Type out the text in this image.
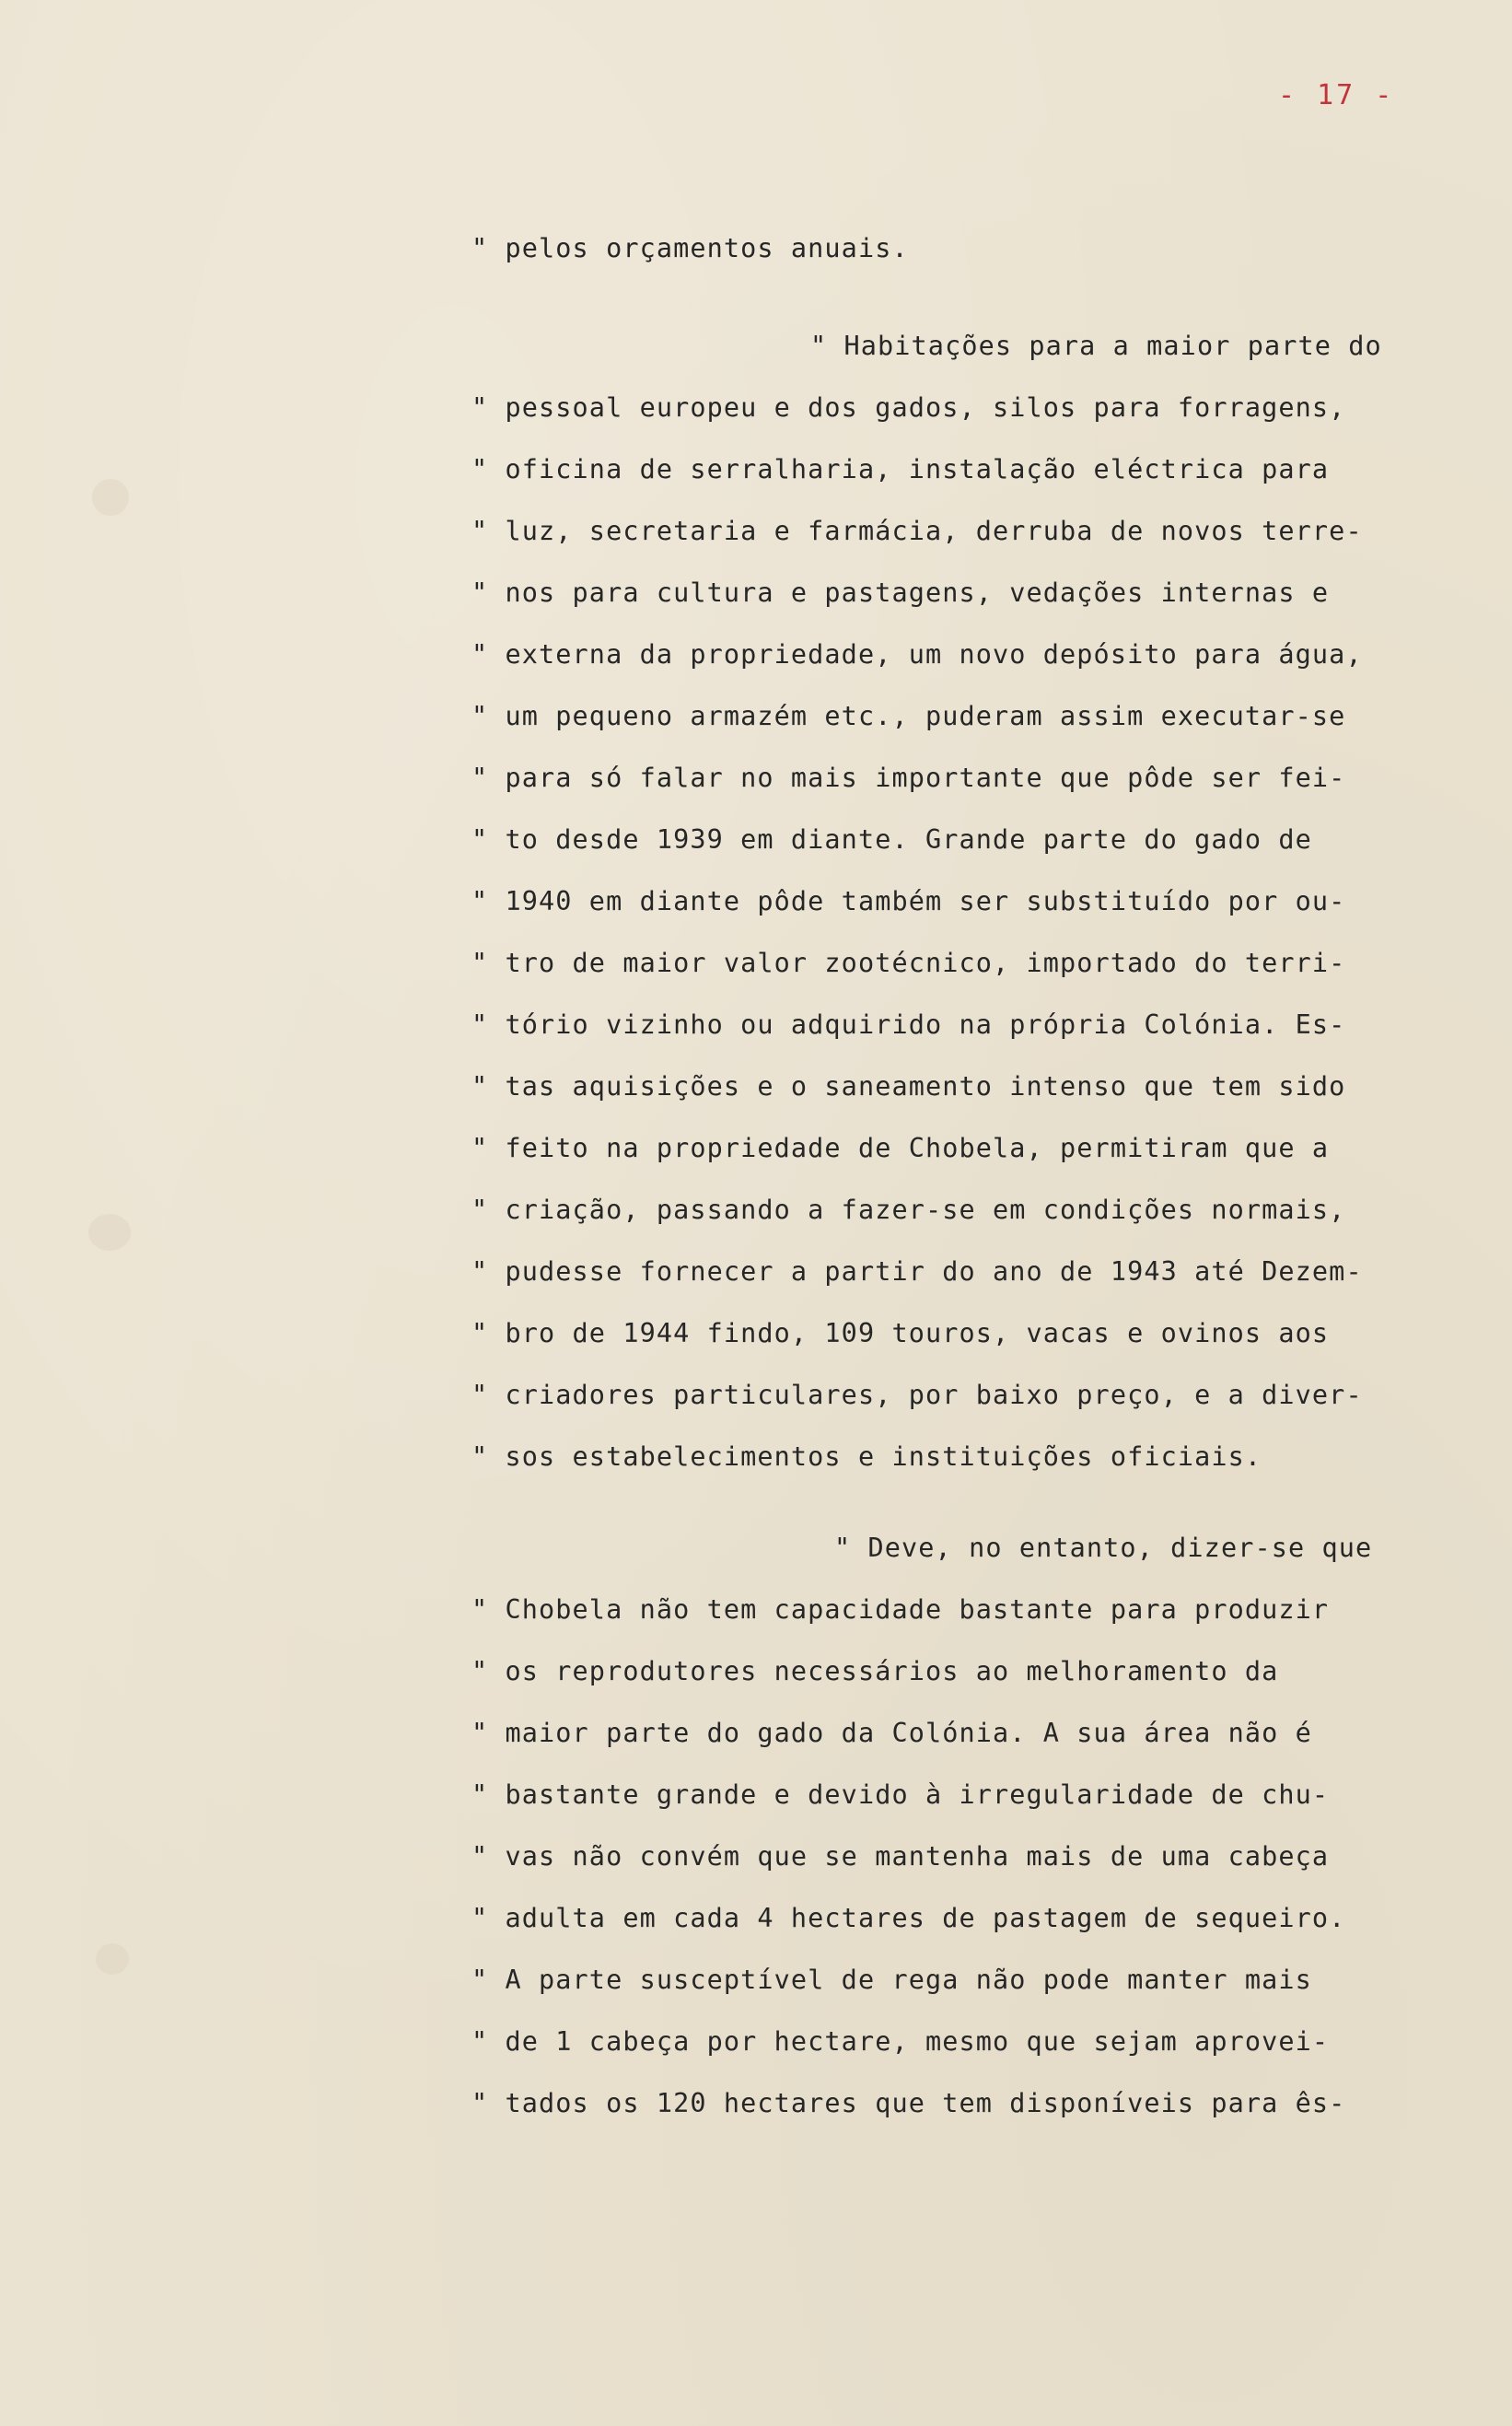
- 17 -
" pelos orçamentos anuais.
" Habitações para a maior parte do
" pessoal europeu e dos gados, silos para forragens,
" oficina de serralharia, instalação eléctrica para
" luz, secretaria e farmácia, derruba de novos terre-
" nos para cultura e pastagens, vedações internas e
" externa da propriedade, um novo depósito para água,
" um pequeno armazém etc., puderam assim executar-se
" para só falar no mais importante que pôde ser fei-
" to desde 1939 em diante. Grande parte do gado de
" 1940 em diante pôde também ser substituído por ou-
" tro de maior valor zootécnico, importado do terri-
" tório vizinho ou adquirido na própria Colónia. Es-
" tas aquisições e o saneamento intenso que tem sido
" feito na propriedade de Chobela, permitiram que a
" criação, passando a fazer-se em condições normais,
" pudesse fornecer a partir do ano de 1943 até Dezem-
" bro de 1944 findo, 109 touros, vacas e ovinos aos
" criadores particulares, por baixo preço, e a diver-
" sos estabelecimentos e instituições oficiais.
" Deve, no entanto, dizer-se que
" Chobela não tem capacidade bastante para produzir
" os reprodutores necessários ao melhoramento da
" maior parte do gado da Colónia. A sua área não é
" bastante grande e devido à irregularidade de chu-
" vas não convém que se mantenha mais de uma cabeça
" adulta em cada 4 hectares de pastagem de sequeiro.
" A parte susceptível de rega não pode manter mais
" de 1 cabeça por hectare, mesmo que sejam aprovei-
" tados os 120 hectares que tem disponíveis para ês-
